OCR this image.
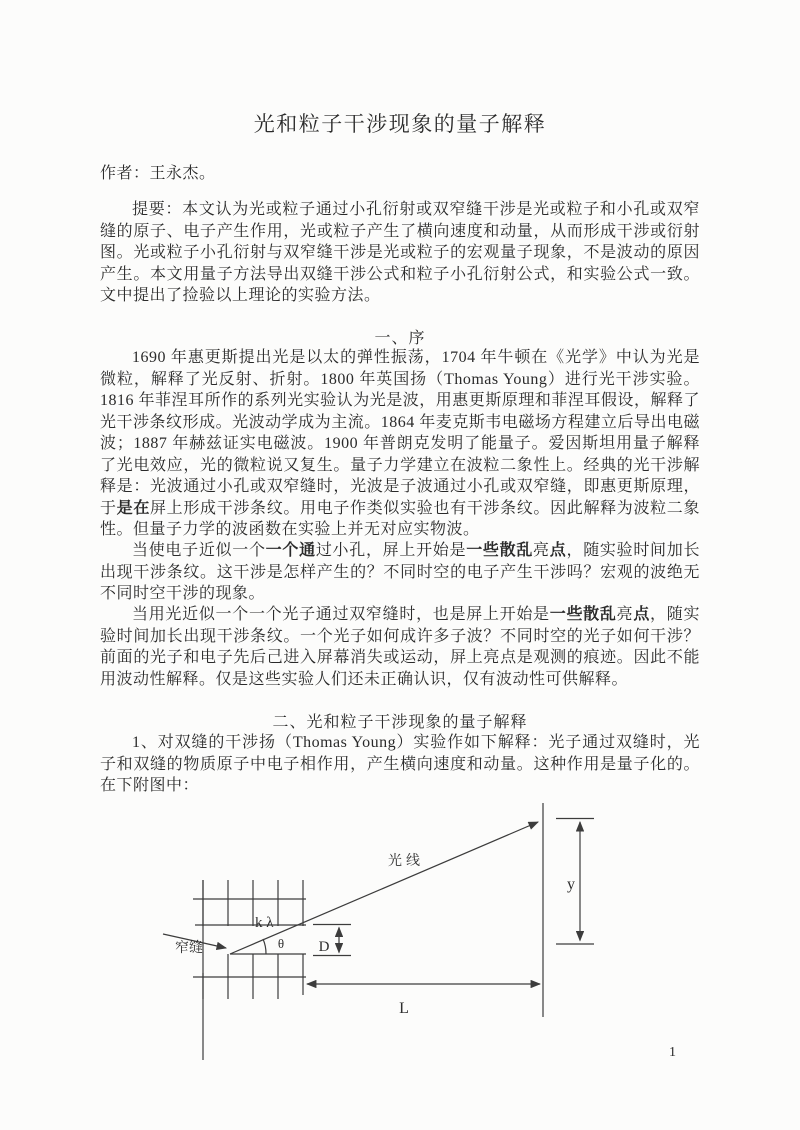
光和粒子干涉现象的量子解释
作者：王永杰。

提要：本文认为光或粒子通过小孔衍射或双窄缝干涉是光或粒子和小孔或双窄缝的原子、电子产生作用，光或粒子产生了横向速度和动量，从而形成干涉或衍射图。光或粒子小孔衍射与双窄缝干涉是光或粒子的宏观量子现象，不是波动的原因产生。本文用量子方法导出双缝干涉公式和粒子小孔衍射公式，和实验公式一致。文中提出了捡验以上理论的实验方法。

一、序

1690 年惠更斯提出光是以太的弹性振荡，1704 年牛顿在《光学》中认为光是微粒，解释了光反射、折射。1800 年英国扬（Thomas Young）进行光干涉实验。1816 年菲涅耳所作的系列光实验认为光是波，用惠更斯原理和菲涅耳假设，解释了光干涉条纹形成。光波动学成为主流。1864 年麦克斯韦电磁场方程建立后导出电磁波；1887 年赫兹证实电磁波。1900 年普朗克发明了能量子。爱因斯坦用量子解释了光电效应，光的微粒说又复生。量子力学建立在波粒二象性上。经典的光干涉解释是：光波通过小孔或双窄缝时，光波是子波通过小孔或双窄缝，即惠更斯原理，于是在屏上形成干涉条纹。用电子作类似实验也有干涉条纹。因此解释为波粒二象性。但量子力学的波函数在实验上并无对应实物波。

当使电子近似一个一个通过小孔，屏上开始是一些散乱亮点，随实验时间加长出现干涉条纹。这干涉是怎样产生的？不同时空的电子产生干涉吗？宏观的波绝无不同时空干涉的现象。

当用光近似一个一个光子通过双窄缝时，也是屏上开始是一些散乱亮点，随实验时间加长出现干涉条纹。一个光子如何成许多子波？不同时空的光子如何干涉？前面的光子和电子先后己进入屏幕消失或运动，屏上亮点是观测的痕迹。因此不能用波动性解释。仅是这些实验人们还未正确认识，仅有波动性可供解释。

二、光和粒子干涉现象的量子解释

1、对双缝的干涉扬（Thomas Young）实验作如下解释：光子通过双缝时，光子和双缝的物质原子中电子相作用，产生横向速度和动量。这种作用是量子化的。 在下附图中：

光线
k λ
θ D
窄缝
y
L
1
